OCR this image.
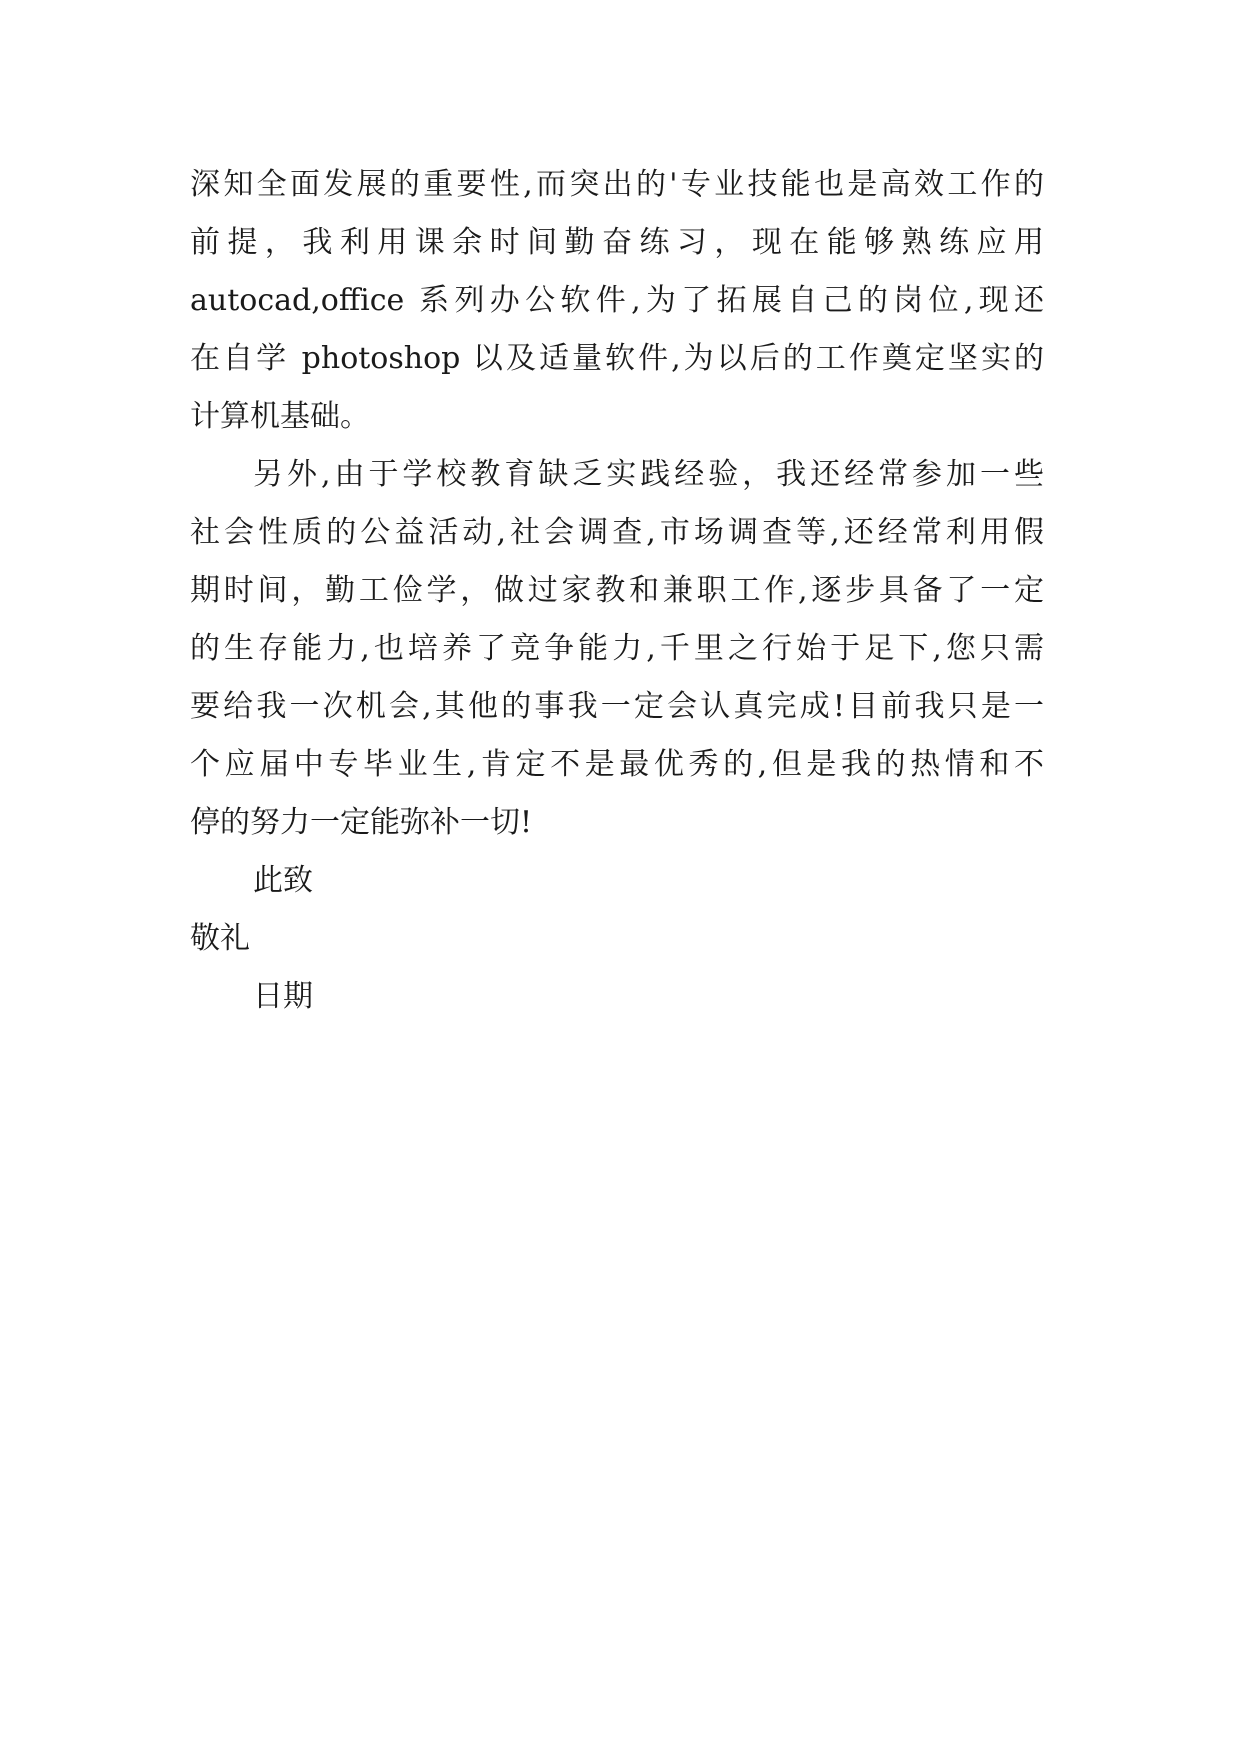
深知全面发展的重要性,而突出的'专业技能也是高效工作的
前提，我利用课余时间勤奋练习，现在能够熟练应用
autocad,office 系列办公软件,为了拓展自己的岗位,现还
在自学 photoshop 以及适量软件,为以后的工作奠定坚实的
计算机基础。
另外,由于学校教育缺乏实践经验，我还经常参加一些
社会性质的公益活动,社会调查,市场调查等,还经常利用假
期时间，勤工俭学，做过家教和兼职工作,逐步具备了一定
的生存能力,也培养了竞争能力,千里之行始于足下,您只需
要给我一次机会,其他的事我一定会认真完成!目前我只是一
个应届中专毕业生,肯定不是最优秀的,但是我的热情和不
停的努力一定能弥补一切!
此致
敬礼
日期
